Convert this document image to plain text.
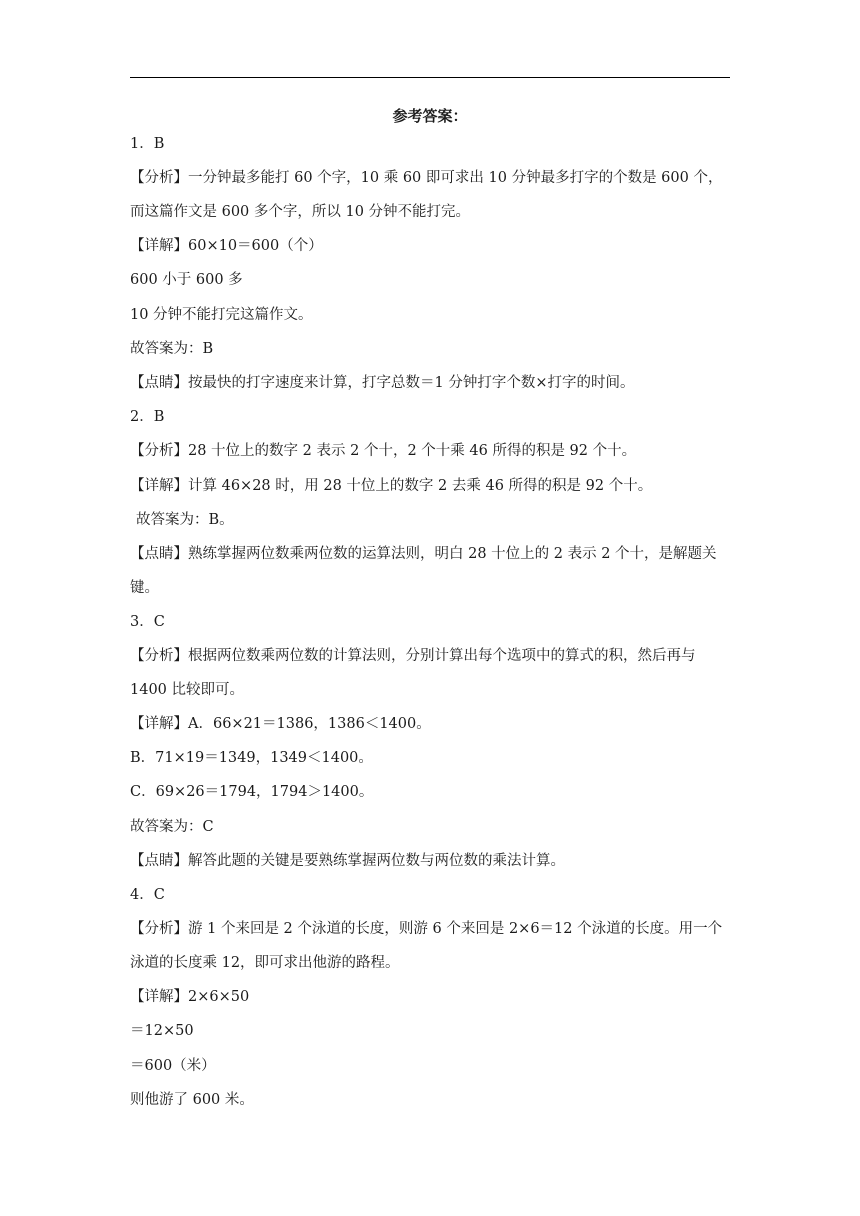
参考答案：
1．B
【分析】一分钟最多能打 60 个字，10 乘 60 即可求出 10 分钟最多打字的个数是 600 个，而这篇作文是 600 多个字，所以 10 分钟不能打完。
【详解】60×10＝600（个）
600 小于 600 多
10 分钟不能打完这篇作文。
故答案为：B
【点睛】按最快的打字速度来计算，打字总数＝1 分钟打字个数×打字的时间。
2．B
【分析】28 十位上的数字 2 表示 2 个十，2 个十乘 46 所得的积是 92 个十。
【详解】计算 46×28 时，用 28 十位上的数字 2 去乘 46 所得的积是 92 个十。
故答案为：B。
【点睛】熟练掌握两位数乘两位数的运算法则，明白 28 十位上的 2 表示 2 个十，是解题关键。
3．C
【分析】根据两位数乘两位数的计算法则，分别计算出每个选项中的算式的积，然后再与 1400 比较即可。
【详解】A．66×21＝1386，1386＜1400。
B．71×19＝1349，1349＜1400。
C．69×26＝1794，1794＞1400。
故答案为：C
【点睛】解答此题的关键是要熟练掌握两位数与两位数的乘法计算。
4．C
【分析】游 1 个来回是 2 个泳道的长度，则游 6 个来回是 2×6＝12 个泳道的长度。用一个泳道的长度乘 12，即可求出他游的路程。
【详解】2×6×50
＝12×50
＝600（米）
则他游了 600 米。
